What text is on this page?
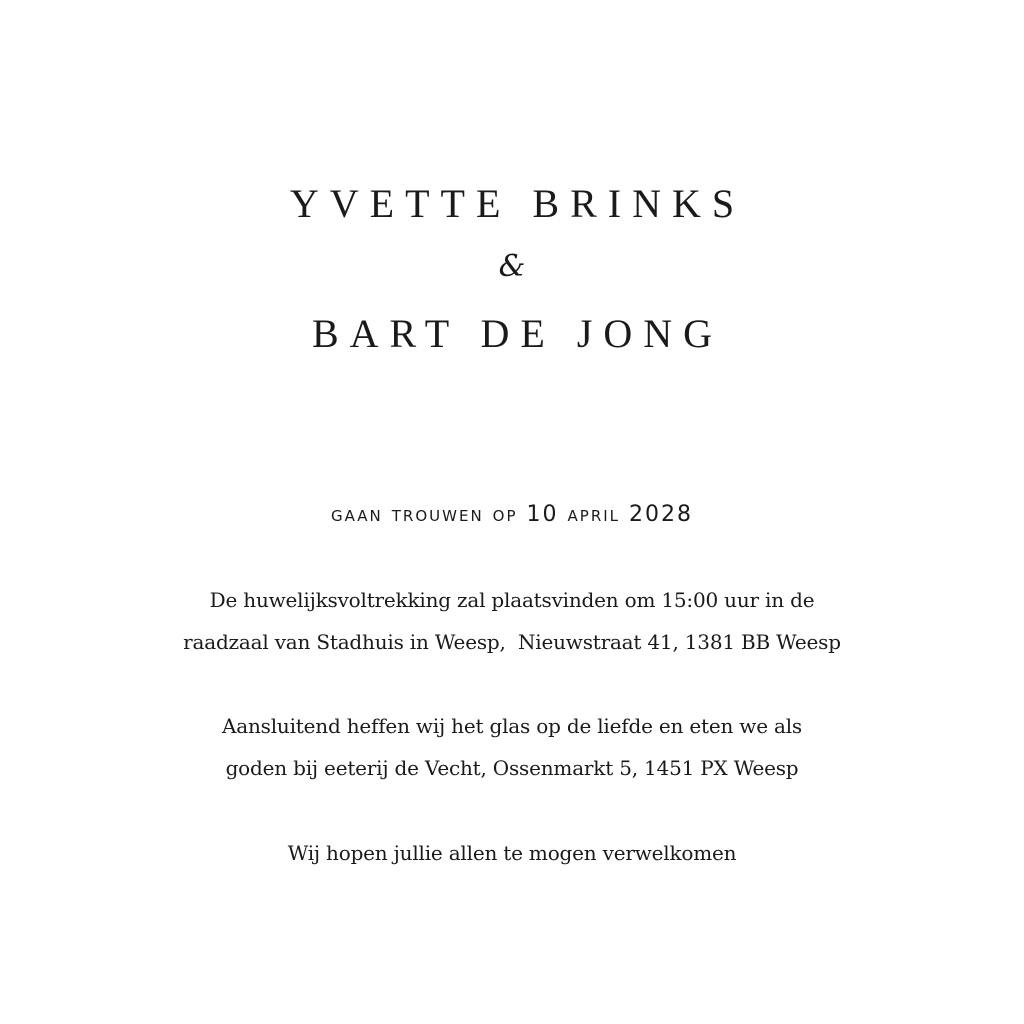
YVETTE BRINKS
&
BART DE JONG
gaan trouwen op 10 april 2028
De huwelijksvoltrekking zal plaatsvinden om 15:00 uur in de
raadzaal van Stadhuis in Weesp,  Nieuwstraat 41, 1381 BB Weesp
Aansluitend heffen wij het glas op de liefde en eten we als
goden bij eeterij de Vecht, Ossenmarkt 5, 1451 PX Weesp
Wij hopen jullie allen te mogen verwelkomen
